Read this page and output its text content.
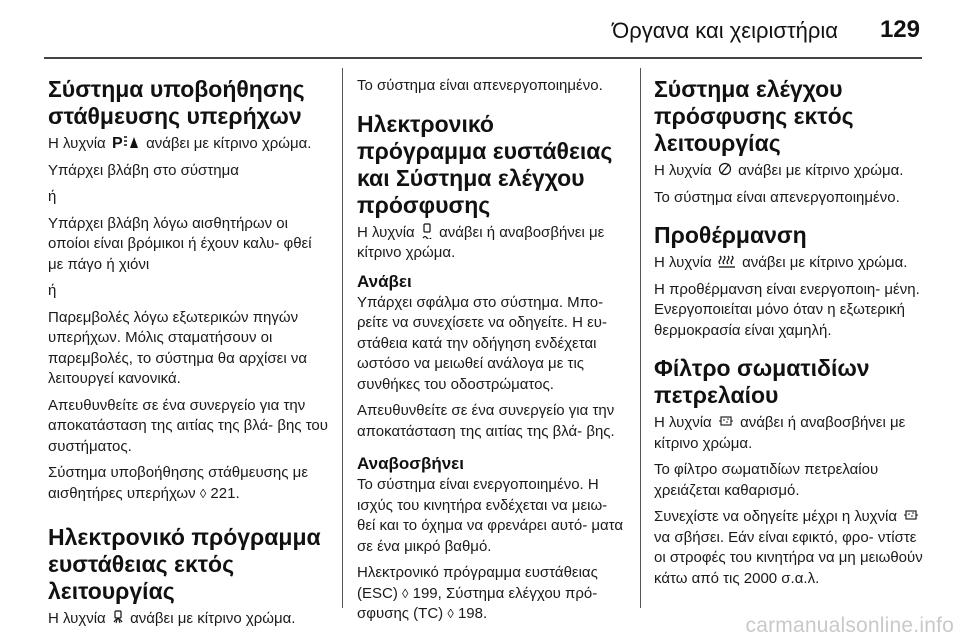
Όργανα και χειριστήρια 129
Σύστημα υποβοήθησης στάθμευσης υπερήχων

Η λυχνία P ανάβει με κίτρινο χρώμα.

Υπάρχει βλάβη στο σύστημα

ή

Υπάρχει βλάβη λόγω αισθητήρων οι οποίοι είναι βρόμικοι ή έχουν καλυ- φθεί με πάγο ή χιόνι

ή

Παρεμβολές λόγω εξωτερικών πηγών υπερήχων. Μόλις σταματήσουν οι παρεμβολές, το σύστημα θα αρχίσει να λειτουργεί κανονικά.

Απευθυνθείτε σε ένα συνεργείο για την αποκατάσταση της αιτίας της βλά- βης του συστήματος.

Σύστημα υποβοήθησης στάθμευσης με αισθητήρες υπερήχων ◊ 221.

Ηλεκτρονικό πρόγραμμα ευστάθειας εκτός λειτουργίας

Η λυχνία ανάβει με κίτρινο χρώμα.

Το σύστημα είναι απενεργοποιημένο.

Ηλεκτρονικό πρόγραμμα ευστάθειας και Σύστημα ελέγχου πρόσφυσης

Η λυχνία ανάβει ή αναβοσβήνει με κίτρινο χρώμα.

Ανάβει

Υπάρχει σφάλμα στο σύστημα. Μπο- ρείτε να συνεχίσετε να οδηγείτε. Η ευ- στάθεια κατά την οδήγηση ενδέχεται ωστόσο να μειωθεί ανάλογα με τις συνθήκες του οδοστρώματος.

Απευθυνθείτε σε ένα συνεργείο για την αποκατάσταση της αιτίας της βλά- βης.

Αναβοσβήνει

Το σύστημα είναι ενεργοποιημένο. Η ισχύς του κινητήρα ενδέχεται να μειω- θεί και το όχημα να φρενάρει αυτό- ματα σε ένα μικρό βαθμό.

Ηλεκτρονικό πρόγραμμα ευστάθειας (ESC) ◊ 199, Σύστημα ελέγχου πρό- σφυσης (TC) ◊ 198.

Σύστημα ελέγχου πρόσφυσης εκτός λειτουργίας

Η λυχνία ανάβει με κίτρινο χρώμα.

Το σύστημα είναι απενεργοποιημένο.

Προθέρμανση

Η λυχνία ανάβει με κίτρινο χρώμα.

Η προθέρμανση είναι ενεργοποιη- μένη. Ενεργοποιείται μόνο όταν η εξωτερική θερμοκρασία είναι χαμηλή.

Φίλτρο σωματιδίων πετρελαίου

Η λυχνία ανάβει ή αναβοσβήνει με κίτρινο χρώμα.

Το φίλτρο σωματιδίων πετρελαίου χρειάζεται καθαρισμό.

Συνεχίστε να οδηγείτε μέχρι η λυχνία
να σβήσει. Εάν είναι εφικτό, φρο- ντίστε οι στροφές του κινητήρα να μη μειωθούν κάτω από τις 2000 σ.α.λ.

carmanualsonline.info
